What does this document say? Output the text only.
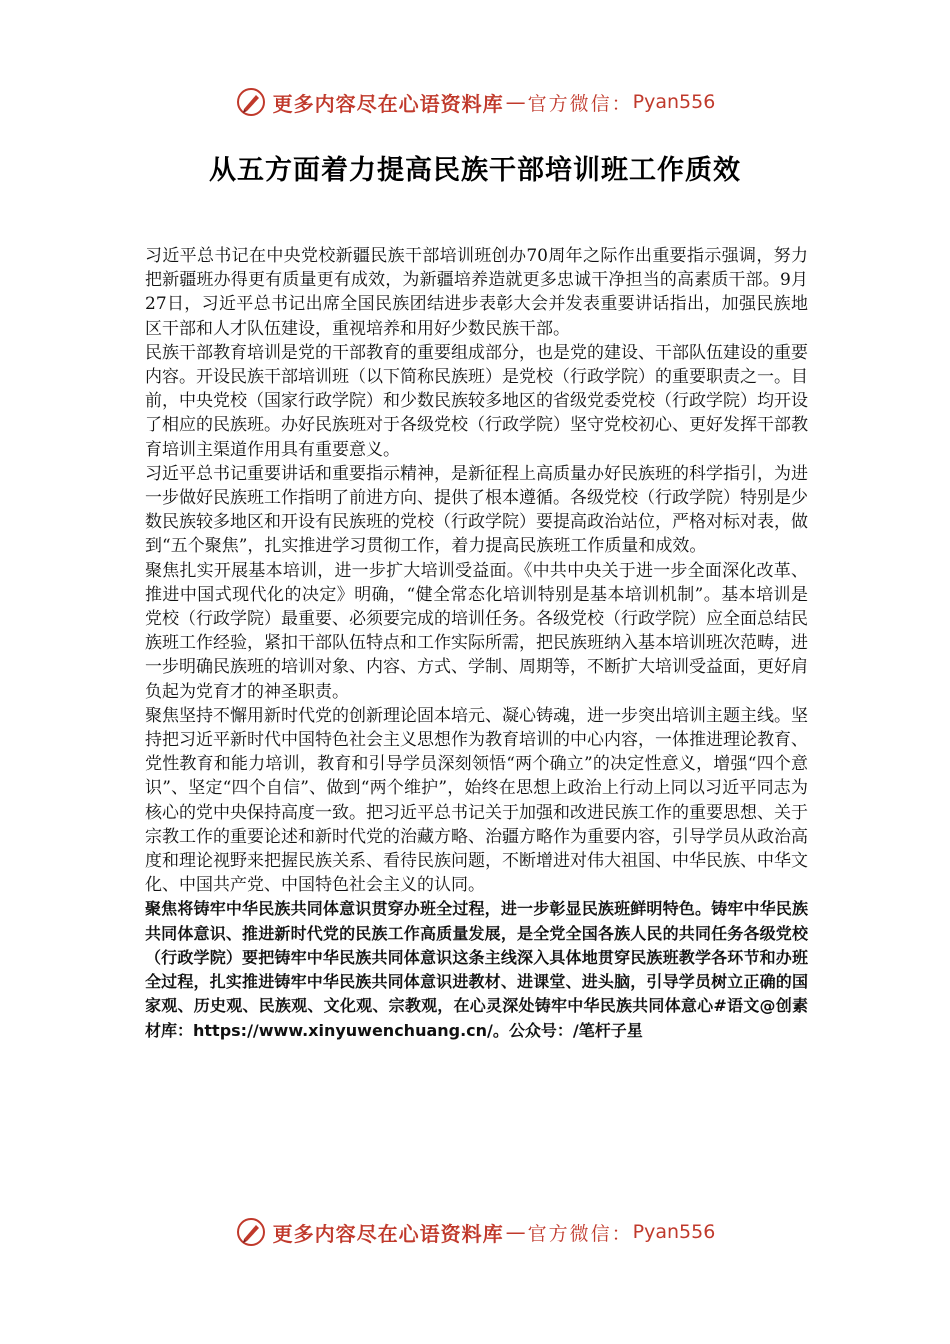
更多内容尽在心语资料库 — 官方微信： Pyan556
从五方面着力提高民族干部培训班工作质效

习近平总书记在中央党校新疆民族干部培训班创办70周年之际作出重要指示强调，努力把新疆班办得更有质量更有成效，为新疆培养造就更多忠诚干净担当的高素质干部。9月27日，习近平总书记出席全国民族团结进步表彰大会并发表重要讲话指出，加强民族地区干部和人才队伍建设，重视培养和用好少数民族干部。

民族干部教育培训是党的干部教育的重要组成部分，也是党的建设、干部队伍建设的重要内容。开设民族干部培训班（以下简称民族班）是党校（行政学院）的重要职责之一。目前，中央党校（国家行政学院）和少数民族较多地区的省级党委党校（行政学院）均开设了相应的民族班。办好民族班对于各级党校（行政学院）坚守党校初心、更好发挥干部教育培训主渠道作用具有重要意义。

习近平总书记重要讲话和重要指示精神，是新征程上高质量办好民族班的科学指引，为进一步做好民族班工作指明了前进方向、提供了根本遵循。各级党校（行政学院）特别是少数民族较多地区和开设有民族班的党校（行政学院）要提高政治站位，严格对标对表，做到“五个聚焦”，扎实推进学习贯彻工作，着力提高民族班工作质量和成效。

聚焦扎实开展基本培训，进一步扩大培训受益面。《中共中央关于进一步全面深化改革、推进中国式现代化的决定》明确，“健全常态化培训特别是基本培训机制”。基本培训是党校（行政学院）最重要、必须要完成的培训任务。各级党校（行政学院）应全面总结民族班工作经验，紧扣干部队伍特点和工作实际所需，把民族班纳入基本培训班次范畴，进一步明确民族班的培训对象、内容、方式、学制、周期等，不断扩大培训受益面，更好肩负起为党育才的神圣职责。

聚焦坚持不懈用新时代党的创新理论固本培元、凝心铸魂，进一步突出培训主题主线。坚持把习近平新时代中国特色社会主义思想作为教育培训的中心内容，一体推进理论教育、党性教育和能力培训，教育和引导学员深刻领悟“两个确立”的决定性意义，增强“四个意识”、坚定“四个自信”、做到“两个维护”，始终在思想上政治上行动上同以习近平同志为核心的党中央保持高度一致。把习近平总书记关于加强和改进民族工作的重要思想、关于宗教工作的重要论述和新时代党的治藏方略、治疆方略作为重要内容，引导学员从政治高度和理论视野来把握民族关系、看待民族问题，不断增进对伟大祖国、中华民族、中华文化、中国共产党、中国特色社会主义的认同。

聚焦将铸牢中华民族共同体意识贯穿办班全过程，进一步彰显民族班鲜明特色。铸牢中华民族共同体意识、推进新时代党的民族工作高质量发展，是全党全国各族人民的共同任务各级党校（行政学院）要把铸牢中华民族共同体意识这条主线深入具体地贯穿民族班教学各环节和办班全过程，扎实推进铸牢中华民族共同体意识进教材、进课堂、进头脑，引导学员树立正确的国家观、历史观、民族观、文化观、宗教观，在心灵深处铸牢中华民族共同体意心#语文@创素材库：https://www.xinyuwenchuang.cn/。公众号：/笔杆子星

更多内容尽在心语资料库 — 官方微信： Pyan556
